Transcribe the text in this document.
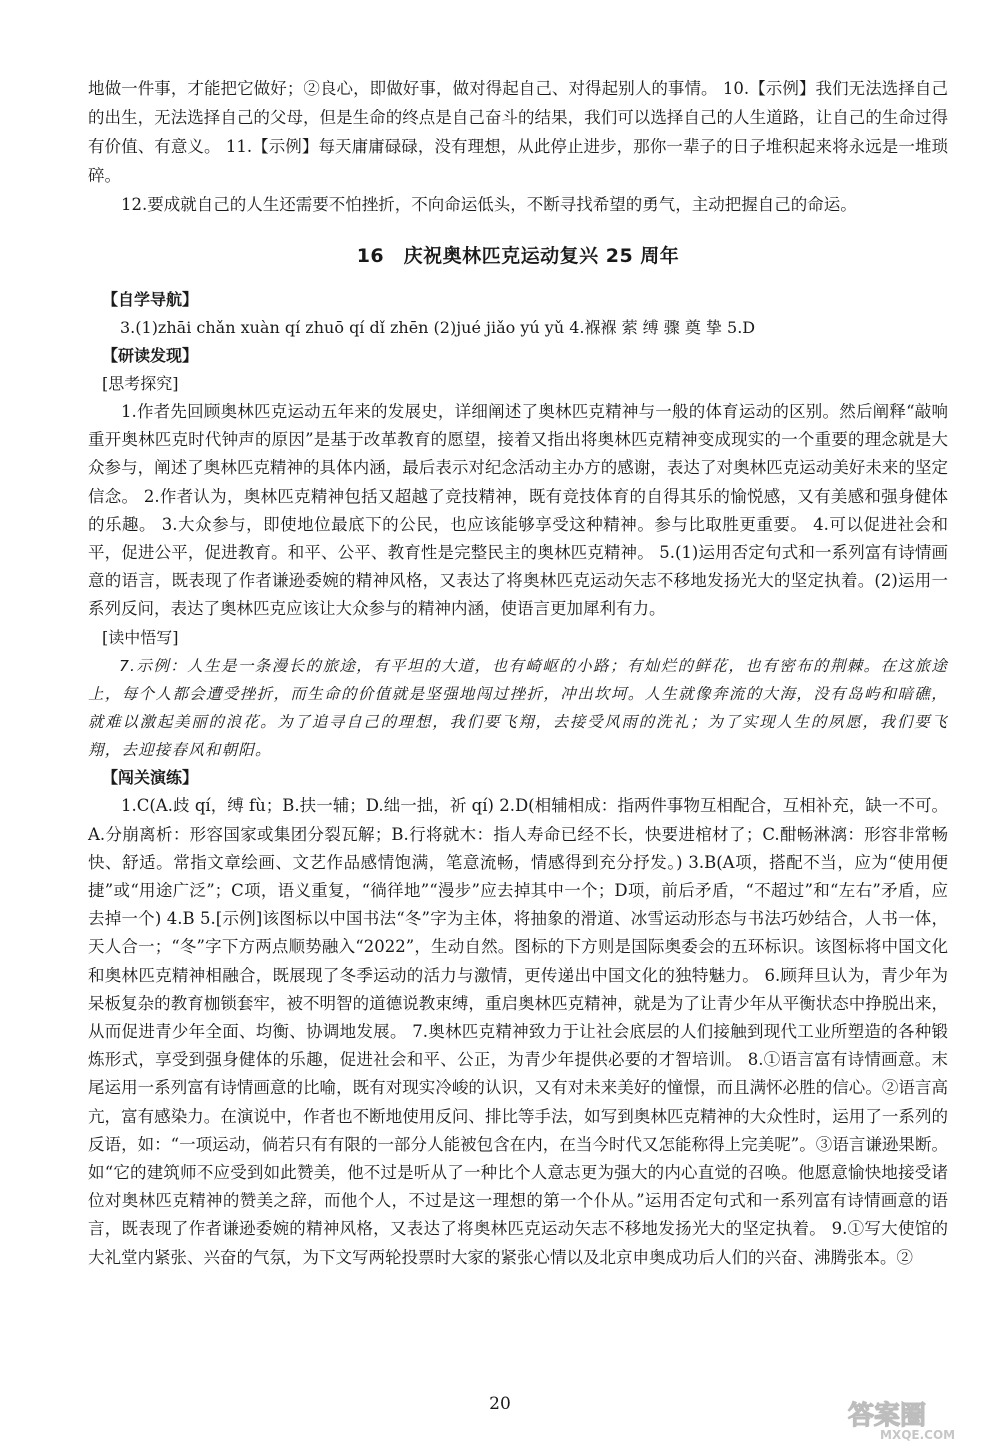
地做一件事，才能把它做好；②良心，即做好事，做对得起自己、对得起别人的事情。 10.【示例】我们无法选择自己的出生，无法选择自己的父母，但是生命的终点是自己奋斗的结果，我们可以选择自己的人生道路，让自己的生命过得有价值、有意义。 11.【示例】每天庸庸碌碌，没有理想，从此停止进步，那你一辈子的日子堆积起来将永远是一堆琐碎。

12.要成就自己的人生还需要不怕挫折，不向命运低头，不断寻找希望的勇气，主动把握自己的命运。

16　庆祝奥林匹克运动复兴 25 周年
【自学导航】

3.(1)zhāi chǎn xuàn qí zhuō qí dǐ zhēn (2)jué jiǎo yú yǔ 4.褓褓 萦 缚 骤 奠 挚 5.D

【研读发现】
[思考探究]

1.作者先回顾奥林匹克运动五年来的发展史，详细阐述了奥林匹克精神与一般的体育运动的区别。然后阐释“敲响重开奥林匹克时代钟声的原因”是基于改革教育的愿望，接着又指出将奥林匹克精神变成现实的一个重要的理念就是大众参与，阐述了奥林匹克精神的具体内涵，最后表示对纪念活动主办方的感谢，表达了对奥林匹克运动美好未来的坚定信念。 2.作者认为，奥林匹克精神包括又超越了竞技精神，既有竞技体育的自得其乐的愉悦感，又有美感和强身健体的乐趣。 3.大众参与，即使地位最底下的公民，也应该能够享受这种精神。参与比取胜更重要。 4.可以促进社会和平，促进公平，促进教育。和平、公平、教育性是完整民主的奥林匹克精神。 5.(1)运用否定句式和一系列富有诗情画意的语言，既表现了作者谦逊委婉的精神风格，又表达了将奥林匹克运动矢志不移地发扬光大的坚定执着。(2)运用一系列反问，表达了奥林匹克应该让大众参与的精神内涵，使语言更加犀利有力。

[读中悟写]

7.示例：人生是一条漫长的旅途，有平坦的大道，也有崎岖的小路；有灿烂的鲜花，也有密布的荆棘。在这旅途上，每个人都会遭受挫折，而生命的价值就是坚强地闯过挫折，冲出坎坷。人生就像奔流的大海，没有岛屿和暗礁，就难以激起美丽的浪花。为了追寻自己的理想，我们要飞翔，去接受风雨的洗礼；为了实现人生的夙愿，我们要飞翔，去迎接春风和朝阳。

【闯关演练】

1.C(A.歧 qí，缚 fù；B.扶一辅；D.绌一拙，祈 qí) 2.D(相辅相成：指两件事物互相配合，互相补充，缺一不可。A.分崩离析：形容国家或集团分裂瓦解；B.行将就木：指人寿命已经不长，快要进棺材了；C.酣畅淋漓：形容非常畅快、舒适。常指文章绘画、文艺作品感情饱满，笔意流畅，情感得到充分抒发。) 3.B(A项，搭配不当，应为“使用便捷”或“用途广泛”；C项，语义重复，“徜徉地”“漫步”应去掉其中一个；D项，前后矛盾，“不超过”和“左右”矛盾，应去掉一个) 4.B 5.[示例]该图标以中国书法“冬”字为主体，将抽象的滑道、冰雪运动形态与书法巧妙结合，人书一体，天人合一；“冬”字下方两点顺势融入“2022”，生动自然。图标的下方则是国际奥委会的五环标识。该图标将中国文化和奥林匹克精神相融合，既展现了冬季运动的活力与激情，更传递出中国文化的独特魅力。 6.顾拜旦认为，青少年为呆板复杂的教育枷锁套牢，被不明智的道德说教束缚，重启奥林匹克精神，就是为了让青少年从平衡状态中挣脱出来，从而促进青少年全面、均衡、协调地发展。 7.奥林匹克精神致力于让社会底层的人们接触到现代工业所塑造的各种锻炼形式，享受到强身健体的乐趣，促进社会和平、公正，为青少年提供必要的才智培训。 8.①语言富有诗情画意。末尾运用一系列富有诗情画意的比喻，既有对现实冷峻的认识，又有对未来美好的憧憬，而且满怀必胜的信心。②语言高亢，富有感染力。在演说中，作者也不断地使用反问、排比等手法，如写到奥林匹克精神的大众性时，运用了一系列的反语，如：“一项运动，倘若只有有限的一部分人能被包含在内，在当今时代又怎能称得上完美呢”。③语言谦逊果断。如“它的建筑师不应受到如此赞美，他不过是听从了一种比个人意志更为强大的内心直觉的召唤。他愿意愉快地接受诸位对奥林匹克精神的赞美之辞，而他个人，不过是这一理想的第一个仆从。”运用否定句式和一系列富有诗情画意的语言，既表现了作者谦逊委婉的精神风格，又表达了将奥林匹克运动矢志不移地发扬光大的坚定执着。 9.①写大使馆的大礼堂内紧张、兴奋的气氛，为下文写两轮投票时大家的紧张心情以及北京申奥成功后人们的兴奋、沸腾张本。②

20	答案圈
MXQE.COM
